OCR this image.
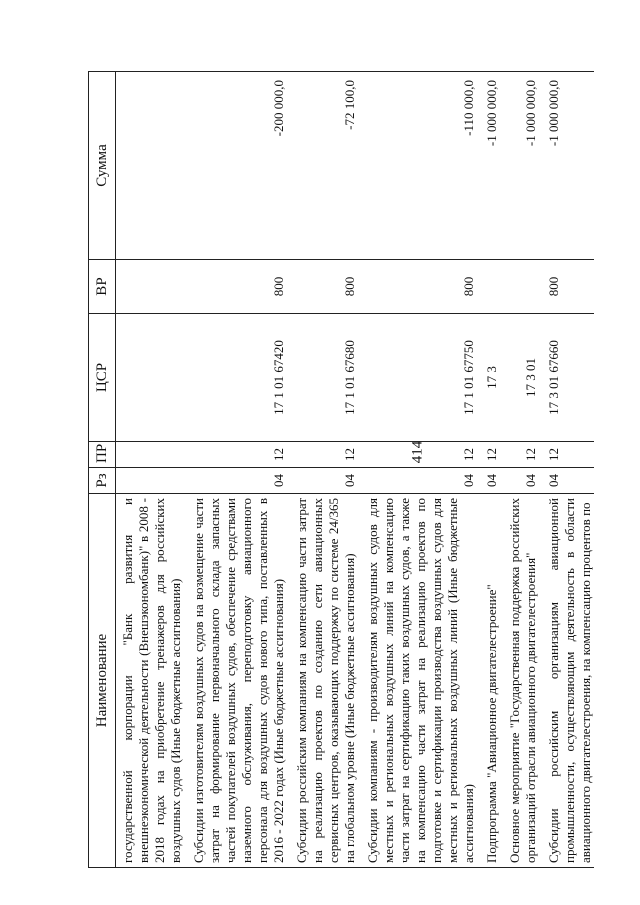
414
Наименование	Рз	ПР	ЦСР	ВР	Сумма
государственной корпорации "Банк развития и внешнеэкономической деятельности (Внешэкономбанк)" в 2008 - 2018 годах на приобретение тренажеров для российских воздушных судов (Иные бюджетные ассигнования)					
Субсидии изготовителям воздушных судов на возмещение части затрат на формирование первоначального склада запасных частей покупателей воздушных судов, обеспечение средствами наземного обслуживания, переподготовку авиационного персонала для воздушных судов нового типа, поставленных в 2016 - 2022 годах (Иные бюджетные ассигнования)	04	12	17 1 01 67420	800	-200 000,0
Субсидии российским компаниям на компенсацию части затрат на реализацию проектов по созданию сети авиационных сервисных центров, оказывающих поддержку по системе 24/365 на глобальном уровне (Иные бюджетные ассигнования)	04	12	17 1 01 67680	800	-72 100,0
Субсидии компаниям - производителям воздушных судов для местных и региональных воздушных линий на компенсацию части затрат на сертификацию таких воздушных судов, а также на компенсацию части затрат на реализацию проектов по подготовке и сертификации производства воздушных судов для местных и региональных воздушных линий (Иные бюджетные ассигнования)	04	12	17 1 01 67750	800	-110 000,0
Подпрограмма "Авиационное двигателестроение"	04	12	17 3		-1 000 000,0
Основное мероприятие "Государственная поддержка российских организаций отрасли авиационного двигателестроения"	04	12	17 3 01		-1 000 000,0
Субсидии российским организациям авиационной промышленности, осуществляющим деятельность в области авиационного двигателестроения, на компенсацию процентов по	04	12	17 3 01 67660	800	-1 000 000,0
